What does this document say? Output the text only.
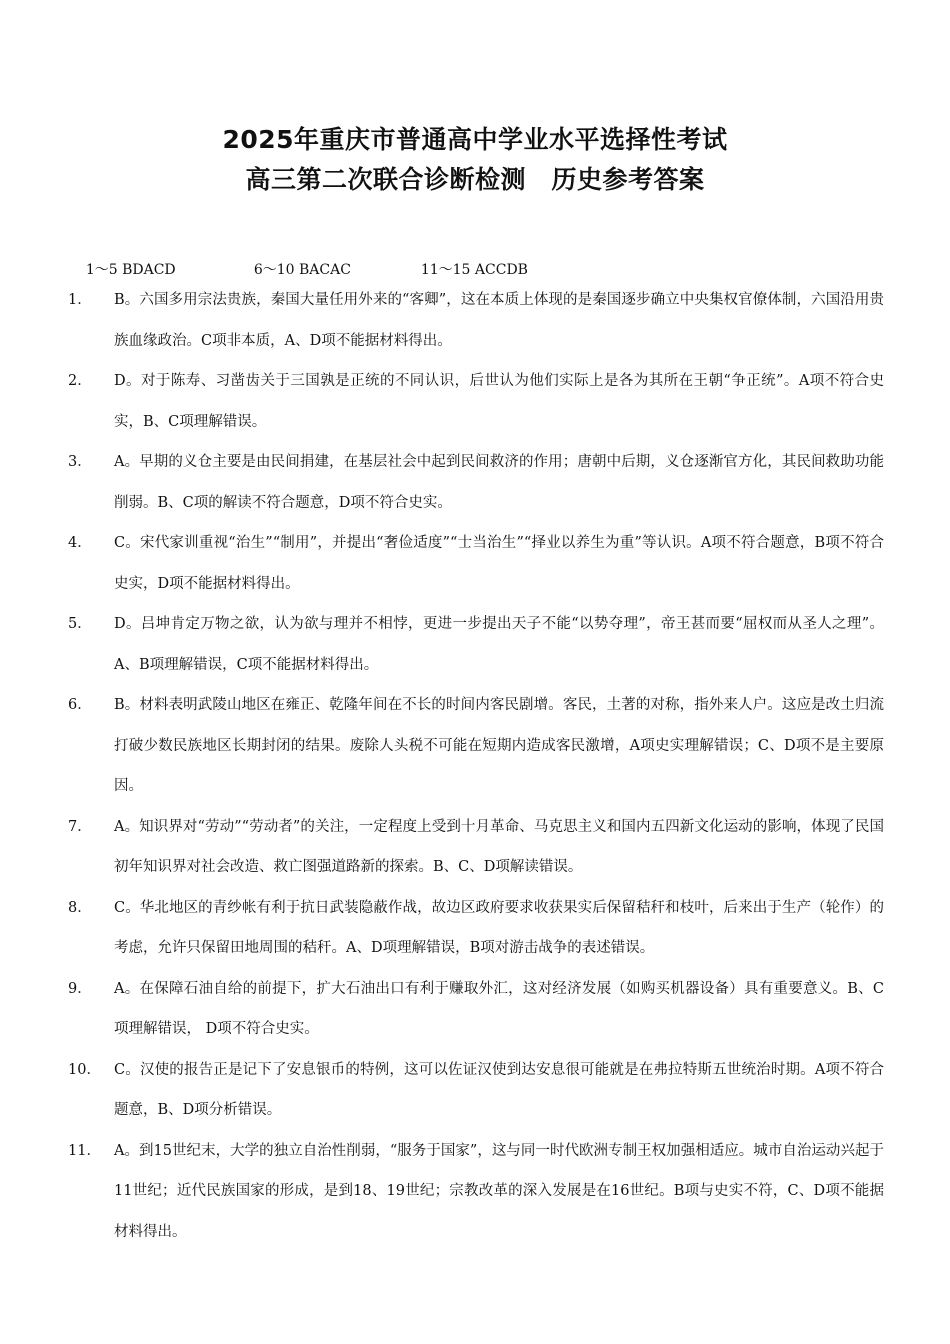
2025年重庆市普通高中学业水平选择性考试
高三第二次联合诊断检测　历史参考答案

1～5 BDACD	6～10 BACAC	11～15 ACCDB

1．	B。六国多用宗法贵族，秦国大量任用外来的“客卿”，这在本质上体现的是秦国逐步确立中央集权官僚体制，六国沿用贵族血缘政治。C项非本质，A、D项不能据材料得出。
2．	D。对于陈寿、习凿齿关于三国孰是正统的不同认识，后世认为他们实际上是各为其所在王朝“争正统”。A项不符合史实，B、C项理解错误。
3．	A。早期的义仓主要是由民间捐建，在基层社会中起到民间救济的作用；唐朝中后期，义仓逐渐官方化，其民间救助功能削弱。B、C项的解读不符合题意，D项不符合史实。
4．	C。宋代家训重视“治生”“制用”，并提出“奢俭适度”“士当治生”“择业以养生为重”等认识。A项不符合题意，B项不符合史实，D项不能据材料得出。
5．	D。吕坤肯定万物之欲，认为欲与理并不相悖，更进一步提出天子不能“以势夺理”，帝王甚而要“屈权而从圣人之理”。A、B项理解错误，C项不能据材料得出。
6．	B。材料表明武陵山地区在雍正、乾隆年间在不长的时间内客民剧增。客民，土著的对称，指外来人户。这应是改土归流打破少数民族地区长期封闭的结果。废除人头税不可能在短期内造成客民激增，A项史实理解错误；C、D项不是主要原因。
7．	A。知识界对“劳动”“劳动者”的关注，一定程度上受到十月革命、马克思主义和国内五四新文化运动的影响，体现了民国初年知识界对社会改造、救亡图强道路新的探索。B、C、D项解读错误。
8．	C。华北地区的青纱帐有利于抗日武装隐蔽作战，故边区政府要求收获果实后保留秸秆和枝叶，后来出于生产（轮作）的考虑，允许只保留田地周围的秸秆。A、D项理解错误，B项对游击战争的表述错误。
9．	A。在保障石油自给的前提下，扩大石油出口有利于赚取外汇，这对经济发展（如购买机器设备）具有重要意义。B、C项理解错误， D项不符合史实。
10． C。汉使的报告正是记下了安息银币的特例，这可以佐证汉使到达安息很可能就是在弗拉特斯五世统治时期。A项不符合题意，B、D项分析错误。
11． A。到15世纪末，大学的独立自治性削弱，“服务于国家”，这与同一时代欧洲专制王权加强相适应。城市自治运动兴起于11世纪；近代民族国家的形成，是到18、19世纪；宗教改革的深入发展是在16世纪。B项与史实不符，C、D项不能据材料得出。
